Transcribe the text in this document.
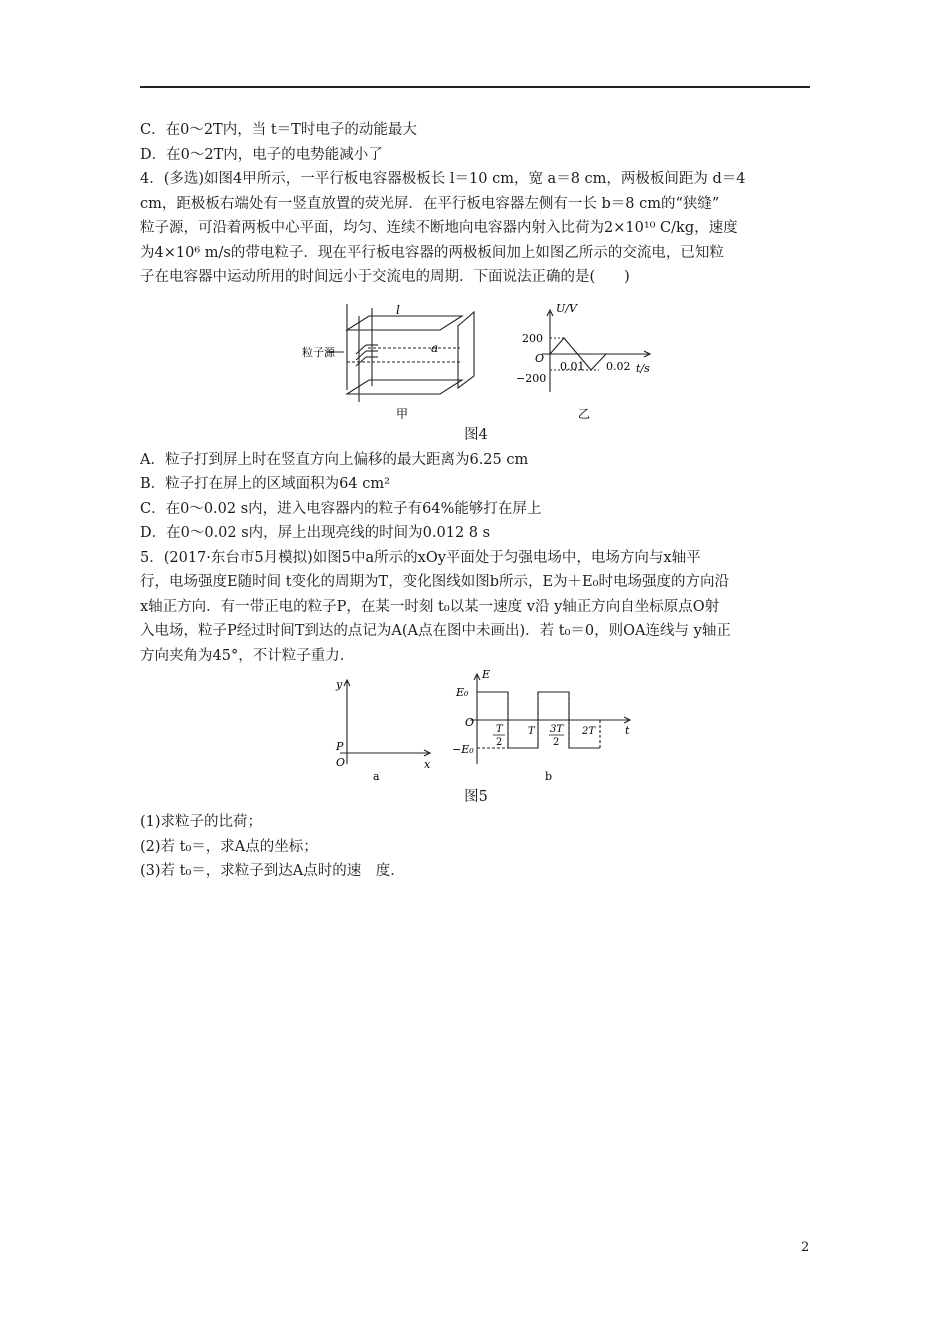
C．在0～2T内，当 t＝T时电子的动能最大
D．在0～2T内，电子的电势能减小了
4．(多选)如图4甲所示，一平行板电容器极板长 l＝10 cm，宽 a＝8 cm，两极板间距为 d＝4
cm，距极板右端处有一竖直放置的荧光屏．在平行板电容器左侧有一长 b＝8 cm的“狭缝”
粒子源，可沿着两板中心平面，均匀、连续不断地向电容器内射入比荷为2×10¹⁰ C/kg，速度
为4×10⁶ m/s的带电粒子．现在平行板电容器的两极板间加上如图乙所示的交流电，已知粒
子在电容器中运动所用的时间远小于交流电的周期．下面说法正确的是(　　)
l
a
粒子源
甲
U/V
t/s
O
200
−200
0.01 0.02
乙
图4
A．粒子打到屏上时在竖直方向上偏移的最大距离为6.25 cm
B．粒子打在屏上的区域面积为64 cm²
C．在0～0.02 s内，进入电容器内的粒子有64%能够打在屏上
D．在0～0.02 s内，屏上出现亮线的时间为0.012 8 s
5．(2017·东台市5月模拟)如图5中a所示的xOy平面处于匀强电场中，电场方向与x轴平
行，电场强度E随时间 t变化的周期为T，变化图线如图b所示，E为＋E₀时电场强度的方向沿
x轴正方向．有一带正电的粒子P，在某一时刻 t₀以某一速度 v沿 y轴正方向自坐标原点O射
入电场，粒子P经过时间T到达的点记为A(A点在图中未画出)．若 t₀＝0，则OA连线与 y轴正
方向夹角为45°，不计粒子重力．
y
P
O	x
a
E
E₀
−E₀
O
t
T
2
T 3T
2
2T
b
图5
(1)求粒子的比荷；
(2)若 t₀＝，求A点的坐标；
(3)若 t₀＝，求粒子到达A点时的速　度．
2
